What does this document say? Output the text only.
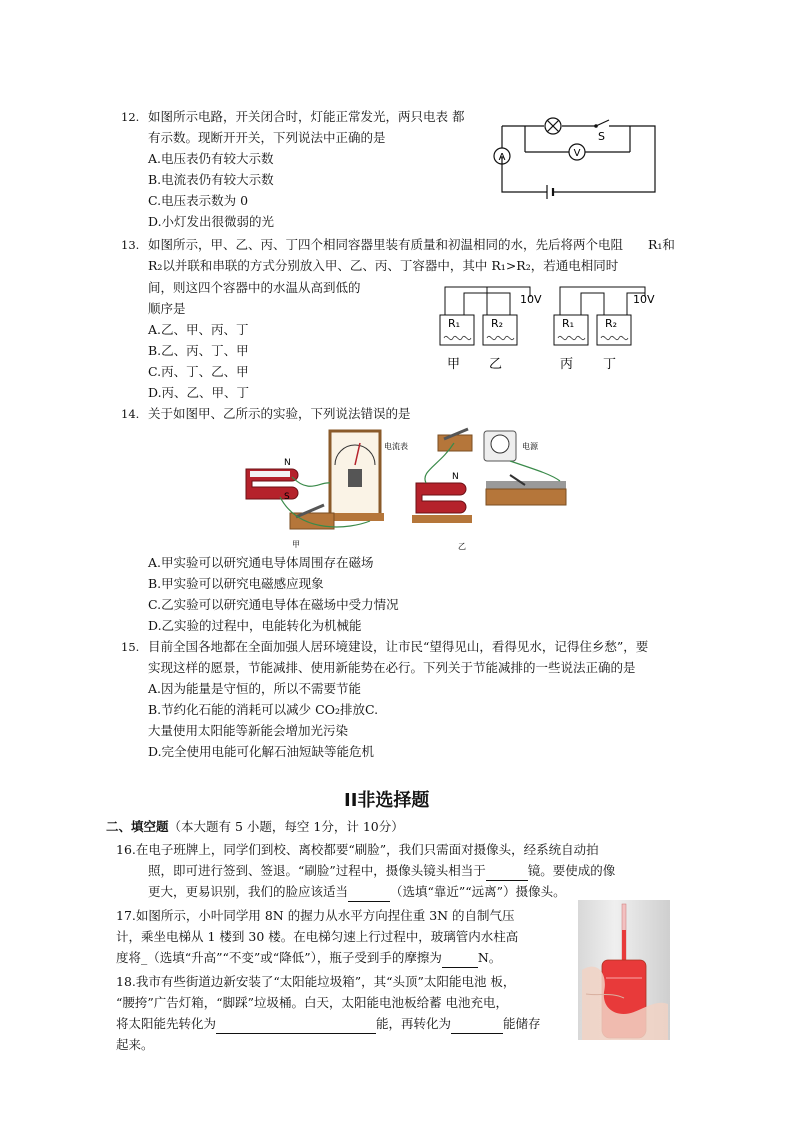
12. 如图所示电路，开关闭合时，灯能正常发光，两只电表 都
有示数。现断开开关，下列说法中正确的是
A.电压表仍有较大示数
B.电流表仍有较大示数
C.电压表示数为 0
D.小灯发出很微弱的光
A	V
S
13. 如图所示，甲、乙、丙、丁四个相同容器里装有质量和初温相同的水，先后将两个电阻 R₁和
R₂以并联和串联的方式分别放入甲、乙、丙、丁容器中，其中 R₁>R₂，若通电相同时
间，则这四个容器中的水温从高到低的
顺序是
A.乙、甲、丙、丁
B.乙、丙、丁、甲
C.丙、丁、乙、甲
D.丙、乙、甲、丁
R₁	R₂	R₁	R₂
10V	10V
甲 乙	丙 丁
14. 关于如图甲、乙所示的实验，下列说法错误的是
N
S
电流表
甲
电源
N
乙
A.甲实验可以研究通电导体周围存在磁场
B.甲实验可以研究电磁感应现象
C.乙实验可以研究通电导体在磁场中受力情况
D.乙实验的过程中，电能转化为机械能
15. 目前全国各地都在全面加强人居环境建设，让市民“望得见山，看得见水，记得住乡愁”，要
实现这样的愿景，节能减排、使用新能势在必行。下列关于节能减排的一些说法正确的是
A.因为能量是守恒的，所以不需要节能
B.节约化石能的消耗可以减少 CO₂排放C.
大量使用太阳能等新能会增加光污染
D.完全使用电能可化解石油短缺等能危机
II非选择题
二、填空题（本大题有 5 小题，每空 1分，计 10分）
16.在电子班牌上，同学们到校、离校都要“刷脸”，我们只需面对摄像头，经系统自动拍
照，即可进行签到、签退。“刷脸”过程中，摄像头镜头相当于	镜。要使成的像
更大，更易识别，我们的脸应该适当	（选填“靠近”“远离”）摄像头。
17.如图所示，小叶同学用 8N 的握力从水平方向捏住重 3N 的自制气压
计，乘坐电梯从 1 楼到 30 楼。在电梯匀速上行过程中，玻璃管内水柱高
度将_（选填“升高”“不变”或“降低”），瓶子受到手的摩擦为	N。
18.我市有些街道边新安装了“太阳能垃圾箱”，其“头顶”太阳能电池 板，
“腰挎”广告灯箱，“脚踩”垃圾桶。白天，太阳能电池板给蓄 电池充电，
将太阳能先转化为	能，再转化为	能储存
起来。
